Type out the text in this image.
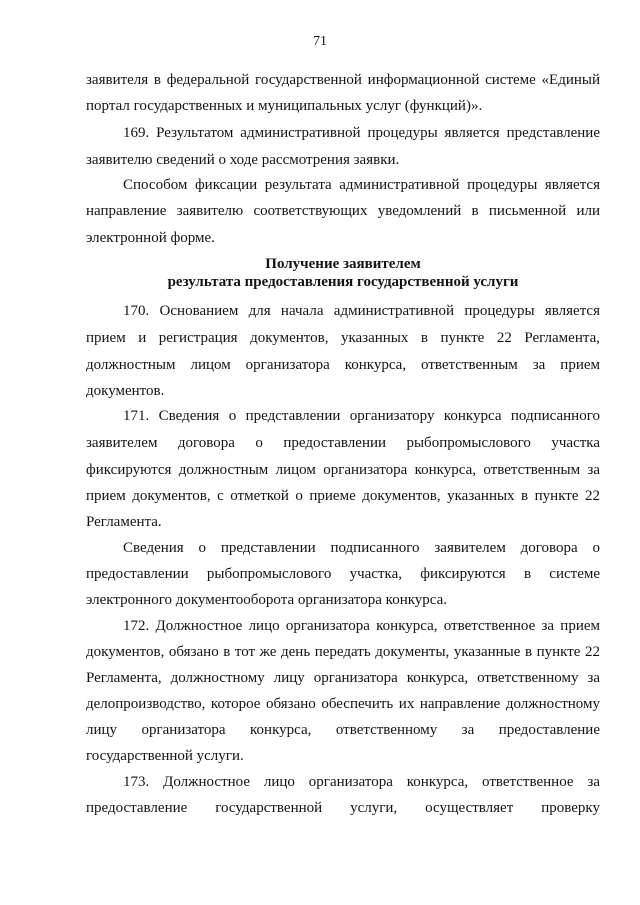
71
заявителя в федеральной государственной информационной системе «Единый
портал государственных и муниципальных услуг (функций)».
169. Результатом административной процедуры является представление
заявителю сведений о ходе рассмотрения заявки.
Способом фиксации результата административной процедуры является
направление заявителю соответствующих уведомлений в письменной или
электронной форме.
Получение заявителем
результата предоставления государственной услуги
170. Основанием для начала административной процедуры является
прием и регистрация документов, указанных в пункте 22 Регламента,
должностным лицом организатора конкурса, ответственным за прием
документов.
171. Сведения о представлении организатору конкурса подписанного
заявителем договора о предоставлении рыбопромыслового участка
фиксируются должностным лицом организатора конкурса, ответственным за
прием документов, с отметкой о приеме документов, указанных в пункте 22
Регламента.
Сведения о представлении подписанного заявителем договора о
предоставлении рыбопромыслового участка, фиксируются в системе
электронного документооборота организатора конкурса.
172. Должностное лицо организатора конкурса, ответственное за прием
документов, обязано в тот же день передать документы, указанные в пункте 22
Регламента, должностному лицу организатора конкурса, ответственному за
делопроизводство, которое обязано обеспечить их направление должностному
лицу организатора конкурса, ответственному за предоставление
государственной услуги.
173. Должностное лицо организатора конкурса, ответственное за
предоставление государственной услуги, осуществляет проверку
